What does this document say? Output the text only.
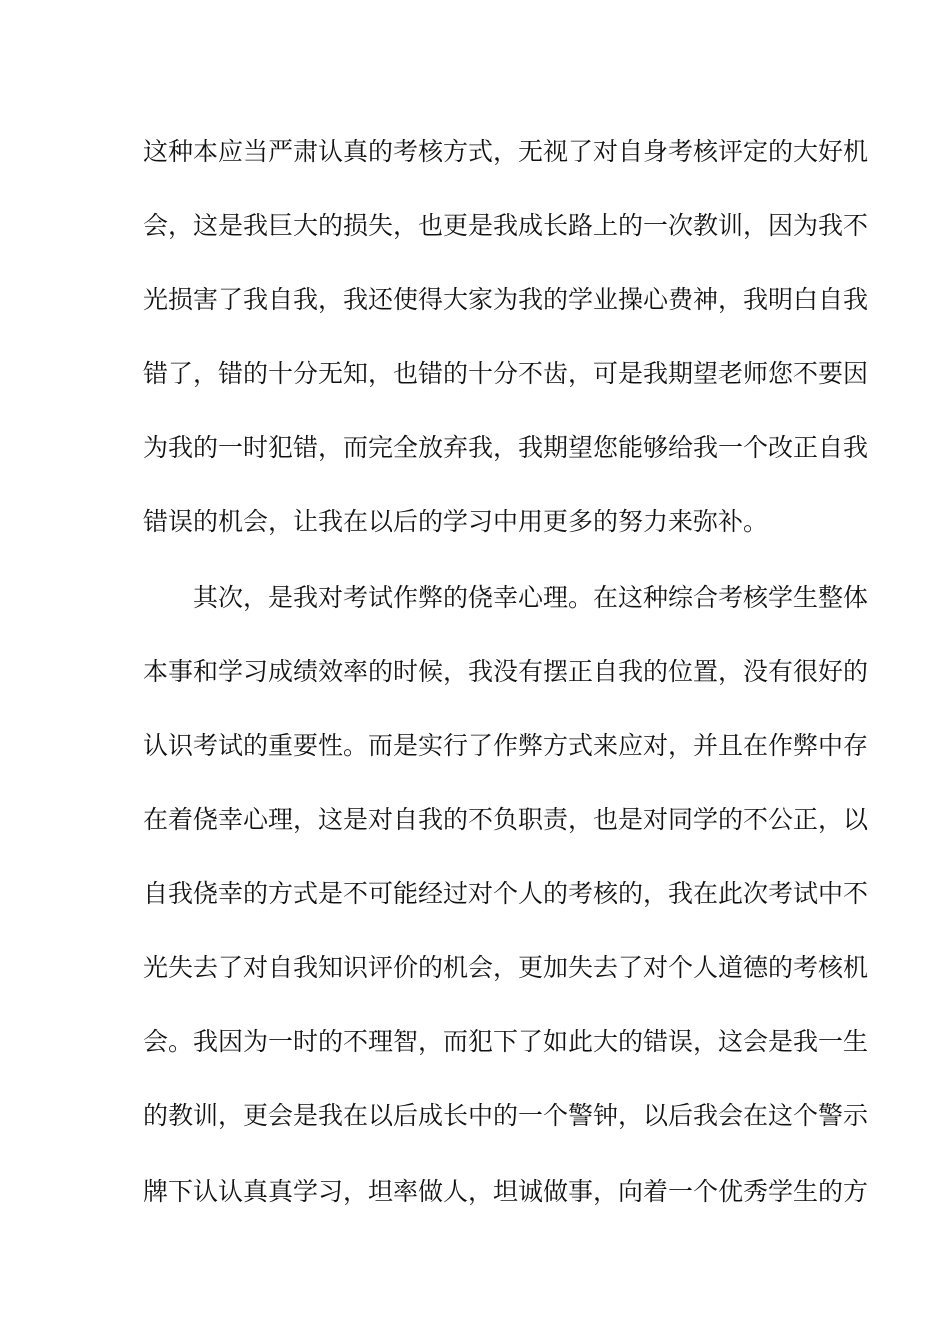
这种本应当严肃认真的考核方式，无视了对自身考核评定的大好机
会，这是我巨大的损失，也更是我成长路上的一次教训，因为我不
光损害了我自我，我还使得大家为我的学业操心费神，我明白自我
错了，错的十分无知，也错的十分不齿，可是我期望老师您不要因
为我的一时犯错，而完全放弃我，我期望您能够给我一个改正自我
错误的机会，让我在以后的学习中用更多的努力来弥补。
其次，是我对考试作弊的侥幸心理。在这种综合考核学生整体
本事和学习成绩效率的时候，我没有摆正自我的位置，没有很好的
认识考试的重要性。而是实行了作弊方式来应对，并且在作弊中存
在着侥幸心理，这是对自我的不负职责，也是对同学的不公正，以
自我侥幸的方式是不可能经过对个人的考核的，我在此次考试中不
光失去了对自我知识评价的机会，更加失去了对个人道德的考核机
会。我因为一时的不理智，而犯下了如此大的错误，这会是我一生
的教训，更会是我在以后成长中的一个警钟，以后我会在这个警示
牌下认认真真学习，坦率做人，坦诚做事，向着一个优秀学生的方
